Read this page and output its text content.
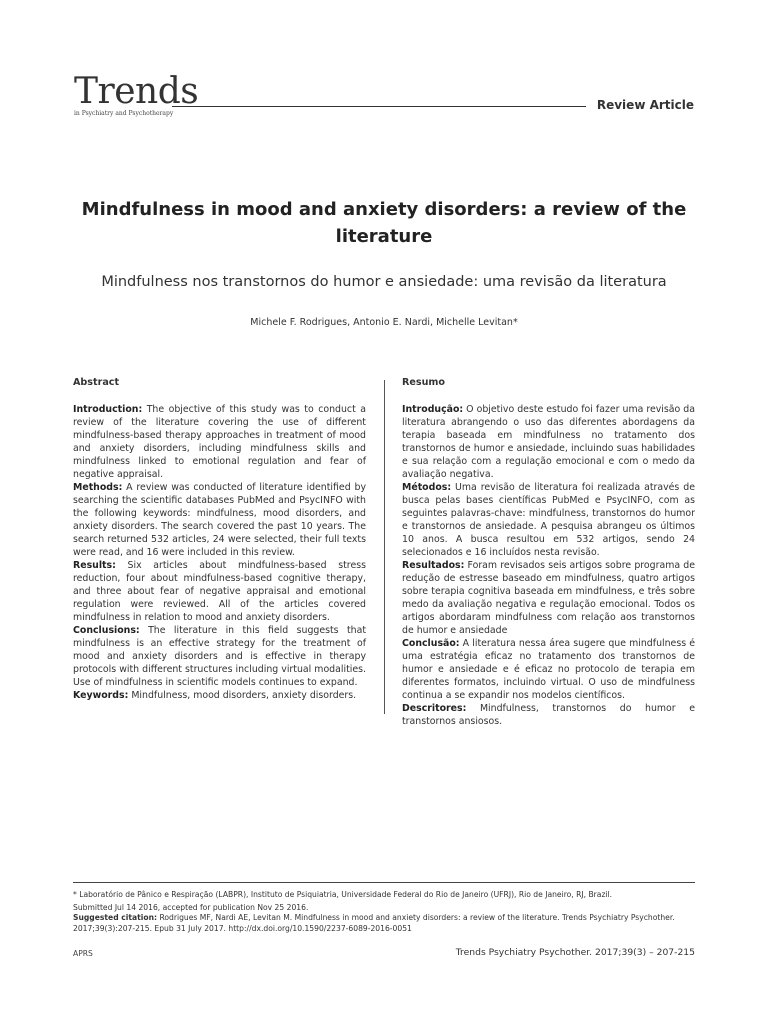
Trends
in Psychiatry and Psychotherapy
Review Article
Mindfulness in mood and anxiety disorders: a review of the literature
Mindfulness nos transtornos do humor e ansiedade: uma revisão da literatura
Michele F. Rodrigues, Antonio E. Nardi, Michelle Levitan*
Abstract

Introduction: The objective of this study was to conduct a review of the literature covering the use of different mindfulness-based therapy approaches in treatment of mood and anxiety disorders, including mindfulness skills and mindfulness linked to emotional regulation and fear of negative appraisal.

Methods: A review was conducted of literature identified by searching the scientific databases PubMed and PsycINFO with the following keywords: mindfulness, mood disorders, and anxiety disorders. The search covered the past 10 years. The search returned 532 articles, 24 were selected, their full texts were read, and 16 were included in this review.

Results: Six articles about mindfulness-based stress reduction, four about mindfulness-based cognitive therapy, and three about fear of negative appraisal and emotional regulation were reviewed. All of the articles covered mindfulness in relation to mood and anxiety disorders.

Conclusions: The literature in this field suggests that mindfulness is an effective strategy for the treatment of mood and anxiety disorders and is effective in therapy protocols with different structures including virtual modalities. Use of mindfulness in scientific models continues to expand.

Keywords: Mindfulness, mood disorders, anxiety disorders.

Resumo

Introdução: O objetivo deste estudo foi fazer uma revisão da literatura abrangendo o uso das diferentes abordagens da terapia baseada em mindfulness no tratamento dos transtornos de humor e ansiedade, incluindo suas habilidades e sua relação com a regulação emocional e com o medo da avaliação negativa.

Métodos: Uma revisão de literatura foi realizada através de busca pelas bases científicas PubMed e PsycINFO, com as seguintes palavras-chave: mindfulness, transtornos do humor e transtornos de ansiedade. A pesquisa abrangeu os últimos 10 anos. A busca resultou em 532 artigos, sendo 24 selecionados e 16 incluídos nesta revisão.

Resultados: Foram revisados seis artigos sobre programa de redução de estresse baseado em mindfulness, quatro artigos sobre terapia cognitiva baseada em mindfulness, e três sobre medo da avaliação negativa e regulação emocional. Todos os artigos abordaram mindfulness com relação aos transtornos de humor e ansiedade

Conclusão: A literatura nessa área sugere que mindfulness é uma estratégia eficaz no tratamento dos transtornos de humor e ansiedade e é eficaz no protocolo de terapia em diferentes formatos, incluindo virtual. O uso de mindfulness continua a se expandir nos modelos científicos.

Descritores: Mindfulness, transtornos do humor e transtornos ansiosos.

* Laboratório de Pânico e Respiração (LABPR), Instituto de Psiquiatria, Universidade Federal do Rio de Janeiro (UFRJ), Rio de Janeiro, RJ, Brazil.
Submitted Jul 14 2016, accepted for publication Nov 25 2016.
Suggested citation: Rodrigues MF, Nardi AE, Levitan M. Mindfulness in mood and anxiety disorders: a review of the literature. Trends Psychiatry Psychother. 2017;39(3):207-215. Epub 31 July 2017. http://dx.doi.org/10.1590/2237-6089-2016-0051
APRS	Trends Psychiatry Psychother. 2017;39(3) – 207-215
